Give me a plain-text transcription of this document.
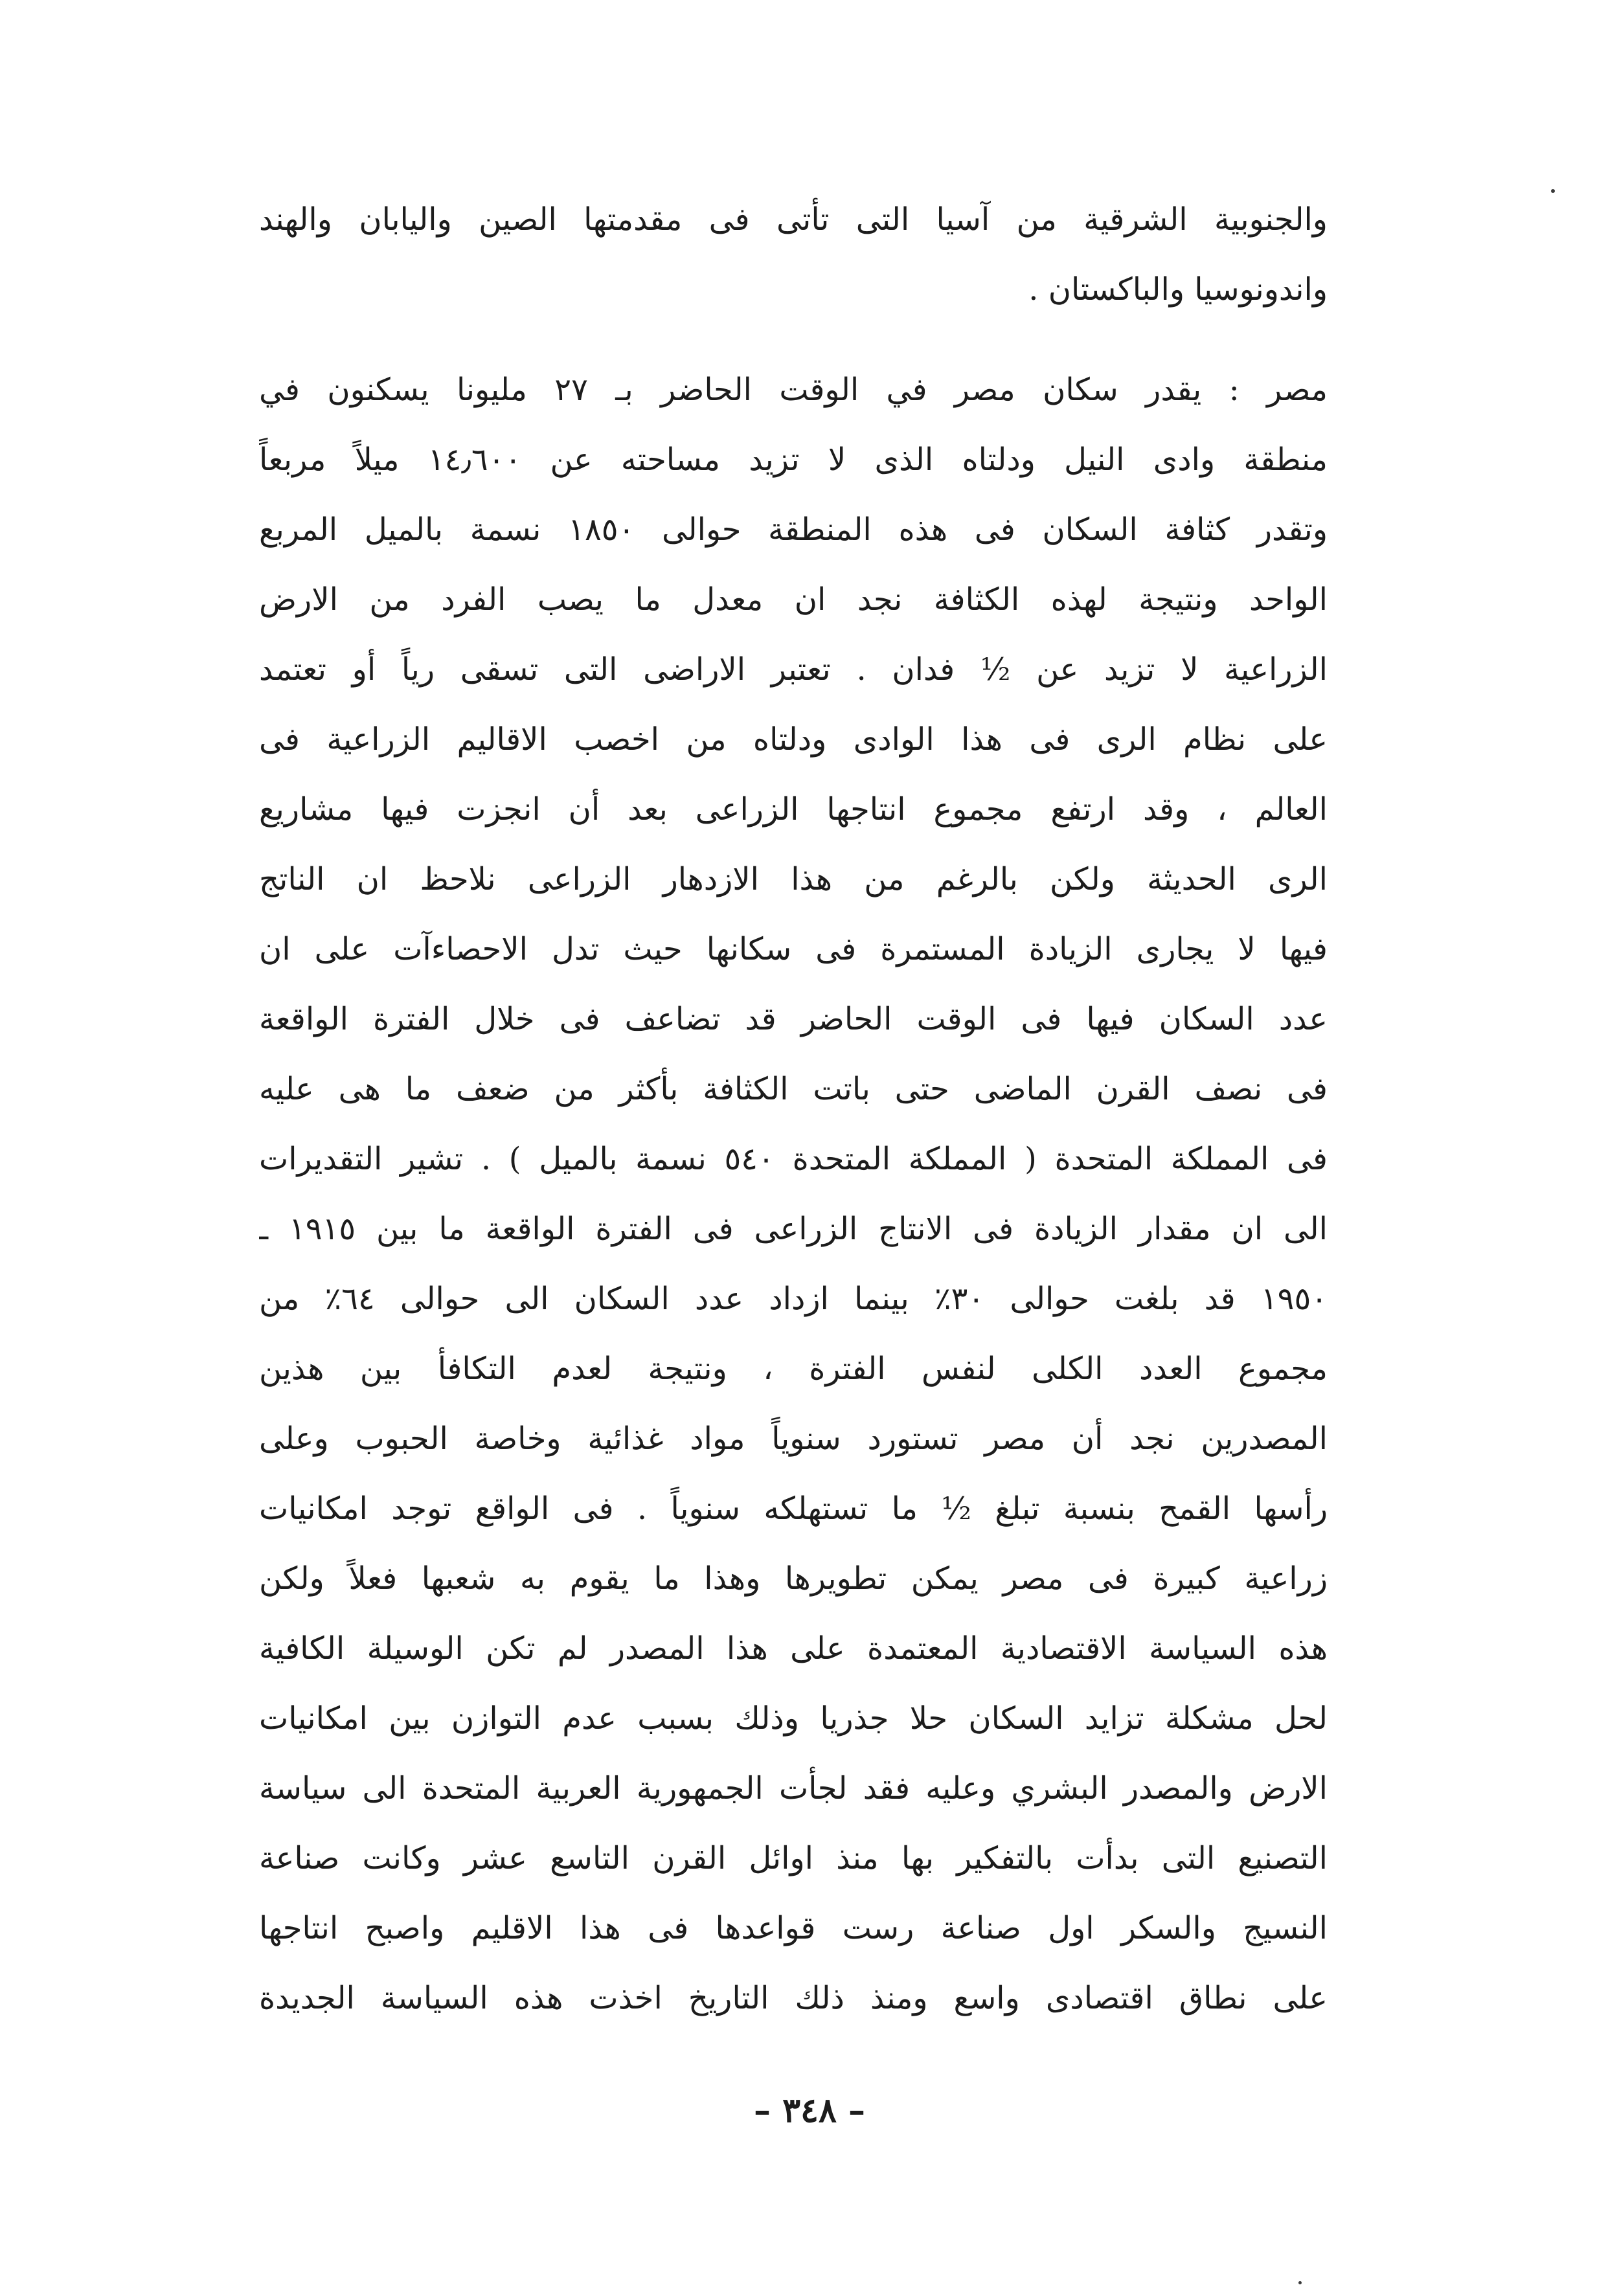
والجنوبية الشرقية من آسيا التى تأتى فى مقدمتها الصين واليابان والهند
واندونوسيا والباكستان .
مصر : يقدر سكان مصر في الوقت الحاضر بـ ٢٧ مليونا يسكنون في
منطقة وادى النيل ودلتاه الذى لا تزيد مساحته عن ١٤٫٦٠٠ ميلاً مربعاً
وتقدر كثافة السكان فى هذه المنطقة حوالى ١٨٥٠ نسمة بالميل المربع
الواحد ونتيجة لهذه الكثافة نجد ان معدل ما يصب الفرد من الارض
الزراعية لا تزيد عن ½ فدان . تعتبر الاراضى التى تسقى رياً أو تعتمد
على نظام الرى فى هذا الوادى ودلتاه من اخصب الاقاليم الزراعية فى
العالم ، وقد ارتفع مجموع انتاجها الزراعى بعد أن انجزت فيها مشاريع
الرى الحديثة ولكن بالرغم من هذا الازدهار الزراعى نلاحظ ان الناتج
فيها لا يجارى الزيادة المستمرة فى سكانها حيث تدل الاحصاءآت على ان
عدد السكان فيها فى الوقت الحاضر قد تضاعف فى خلال الفترة الواقعة
فى نصف القرن الماضى حتى باتت الكثافة بأكثر من ضعف ما هى عليه
فى المملكة المتحدة ( المملكة المتحدة ٥٤٠ نسمة بالميل ) . تشير التقديرات
الى ان مقدار الزيادة فى الانتاج الزراعى فى الفترة الواقعة ما بين ١٩١٥ ـ
١٩٥٠ قد بلغت حوالى ٣٠٪ بينما ازداد عدد السكان الى حوالى ٦٤٪ من
مجموع العدد الكلى لنفس الفترة ، ونتيجة لعدم التكافأ بين هذين
المصدرين نجد أن مصر تستورد سنوياً مواد غذائية وخاصة الحبوب وعلى
رأسها القمح بنسبة تبلغ ½ ما تستهلكه سنوياً . فى الواقع توجد امكانيات
زراعية كبيرة فى مصر يمكن تطويرها وهذا ما يقوم به شعبها فعلاً ولكن
هذه السياسة الاقتصادية المعتمدة على هذا المصدر لم تكن الوسيلة الكافية
لحل مشكلة تزايد السكان حلا جذريا وذلك بسبب عدم التوازن بين امكانيات
الارض والمصدر البشري وعليه فقد لجأت الجمهورية العربية المتحدة الى سياسة
التصنيع التى بدأت بالتفكير بها منذ اوائل القرن التاسع عشر وكانت صناعة
النسيج والسكر اول صناعة رست قواعدها فى هذا الاقليم واصبح انتاجها
على نطاق اقتصادى واسع ومنذ ذلك التاريخ اخذت هذه السياسة الجديدة
– ٣٤٨ –
